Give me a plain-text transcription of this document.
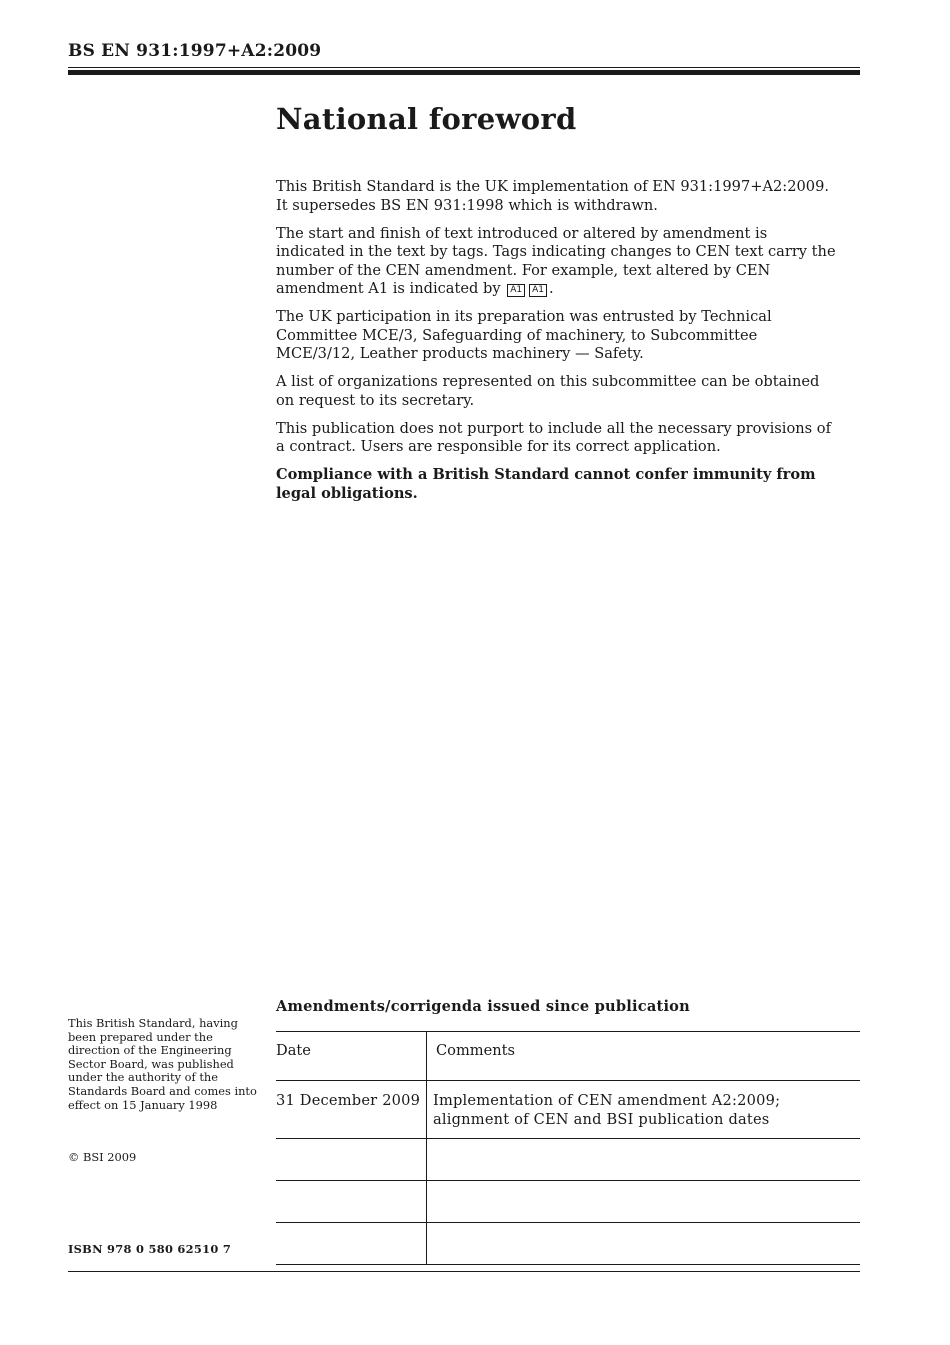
BS EN 931:1997+A2:2009
National foreword

This British Standard is the UK implementation of EN 931:1997+A2:2009. It supersedes BS EN 931:1998 which is withdrawn.

The start and finish of text introduced or altered by amendment is indicated in the text by tags. Tags indicating changes to CEN text carry the number of the CEN amendment. For example, text altered by CEN amendment A1 is indicated by A1 A1 .

The UK participation in its preparation was entrusted by Technical Committee MCE/3, Safeguarding of machinery, to Subcommittee MCE/3/12, Leather products machinery — Safety.

A list of organizations represented on this subcommittee can be obtained on request to its secretary.

This publication does not purport to include all the necessary provisions of a contract. Users are responsible for its correct application.

Compliance with a British Standard cannot confer immunity from legal obligations.

This British Standard, having been prepared under the direction of the Engineering Sector Board, was published under the authority of the Standards Board and comes into effect on 15 January 1998
© BSI 2009
ISBN 978 0 580 62510 7
Amendments/corrigenda issued since publication
Date	Comments
31 December 2009	Implementation of CEN amendment A2:2009;
alignment of CEN and BSI publication dates
